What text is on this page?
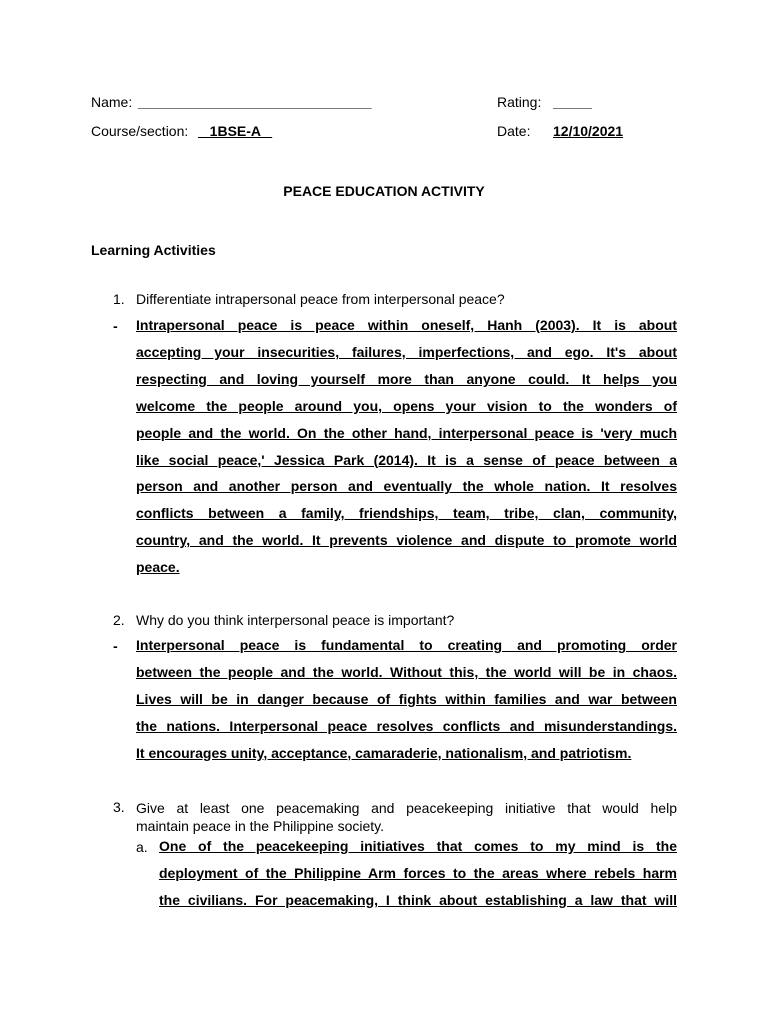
Name: ______________________________	Rating: _____
Course/section: 1BSE-A	Date: 12/10/2021
PEACE EDUCATION ACTIVITY
Learning Activities
1. Differentiate intrapersonal peace from interpersonal peace?
- Intrapersonal peace is peace within oneself, Hanh (2003). It is about
accepting your insecurities, failures, imperfections, and ego. It's about
respecting and loving yourself more than anyone could. It helps you
welcome the people around you, opens your vision to the wonders of
people and the world. On the other hand, interpersonal peace is 'very much
like social peace,' Jessica Park (2014). It is a sense of peace between a
person and another person and eventually the whole nation. It resolves
conflicts between a family, friendships, team, tribe, clan, community,
country, and the world. It prevents violence and dispute to promote world
peace.
2. Why do you think interpersonal peace is important?
- Interpersonal peace is fundamental to creating and promoting order
between the people and the world. Without this, the world will be in chaos.
Lives will be in danger because of fights within families and war between
the nations. Interpersonal peace resolves conflicts and misunderstandings.
It encourages unity, acceptance, camaraderie, nationalism, and patriotism.
3. Give at least one peacemaking and peacekeeping initiative that would help
maintain peace in the Philippine society.
a. One of the peacekeeping initiatives that comes to my mind is the
deployment of the Philippine Arm forces to the areas where rebels harm
the civilians. For peacemaking, I think about establishing a law that will
